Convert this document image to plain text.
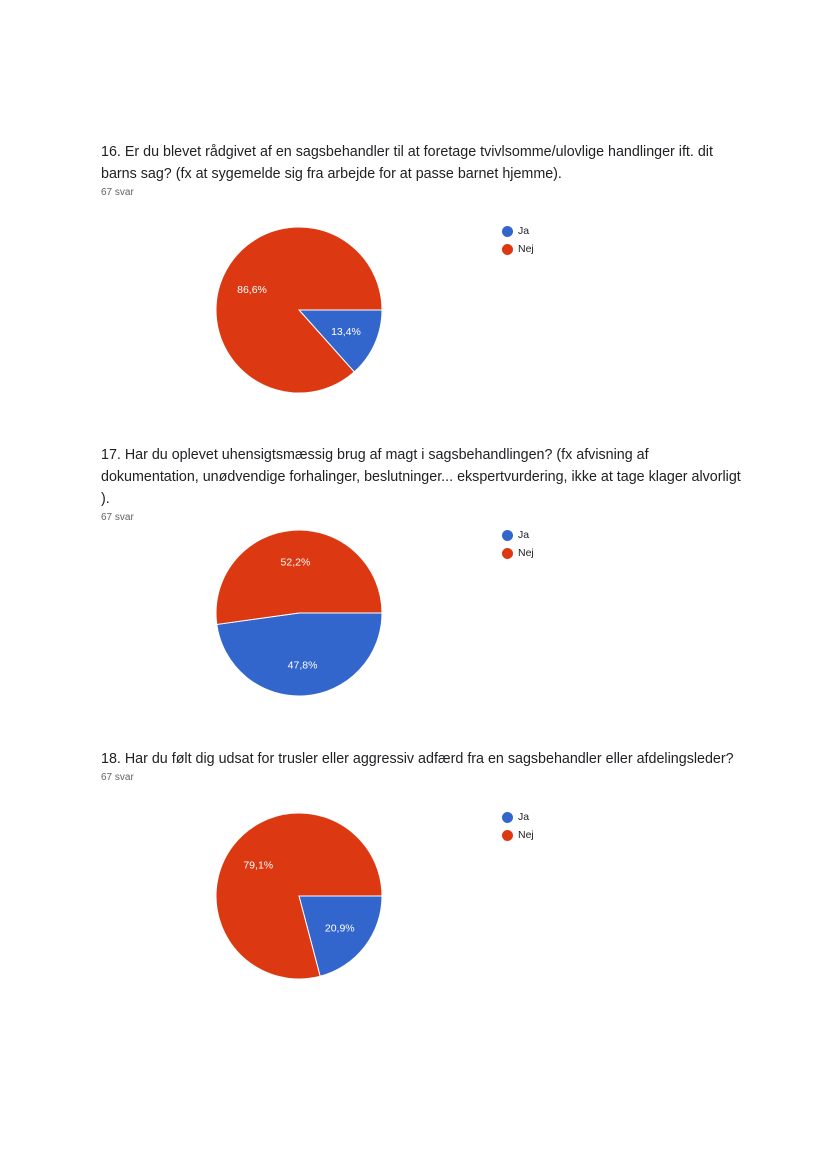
16. Er du blevet rådgivet af en sagsbehandler til at foretage tvivlsomme/ulovlige handlinger ift. dit barns sag? (fx at sygemelde sig fra arbejde for at passe barnet hjemme).
67 svar
13,4%
86,6%
Ja
Nej
17. Har du oplevet uhensigtsmæssig brug af magt i sagsbehandlingen? (fx afvisning af dokumentation, unødvendige forhalinger, beslutninger... ekspertvurdering, ikke at tage klager alvorligt ).
67 svar
47,8%
52,2%
Ja
Nej
18. Har du følt dig udsat for trusler eller aggressiv adfærd fra en sagsbehandler eller afdelingsleder?
67 svar
20,9%
79,1%
Ja
Nej
